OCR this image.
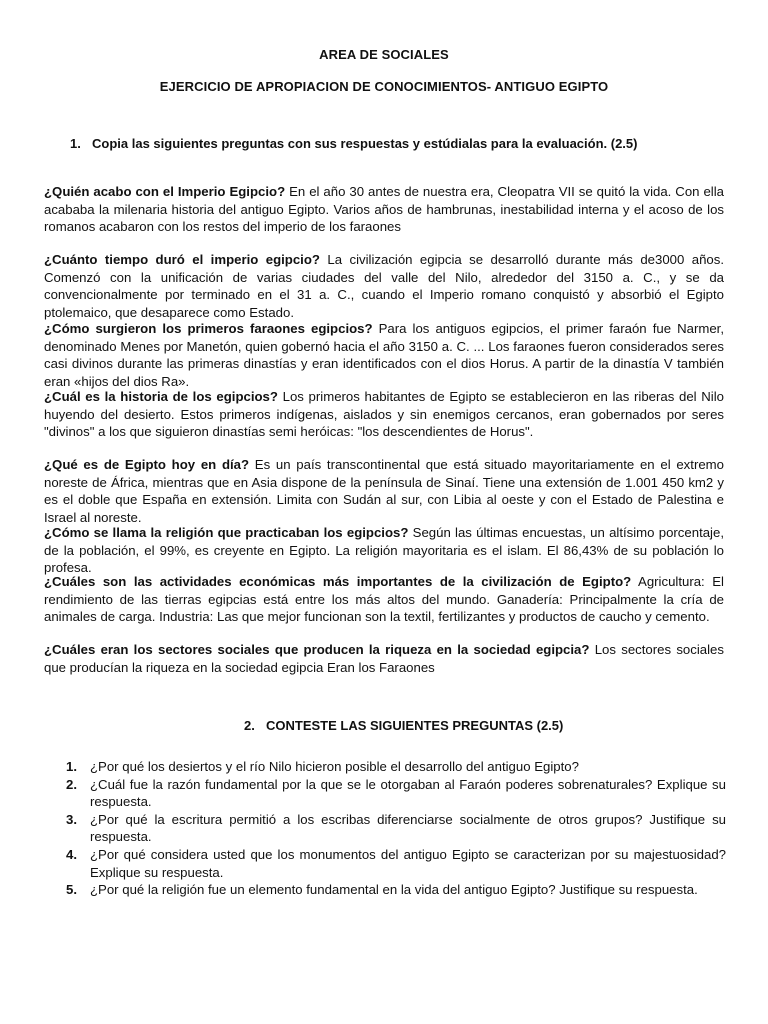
AREA DE SOCIALES
EJERCICIO DE APROPIACION DE CONOCIMIENTOS- ANTIGUO EGIPTO
1. Copia las siguientes preguntas con sus respuestas y estúdialas para la evaluación. (2.5)
¿Quién acabo con el Imperio Egipcio? En el año 30 antes de nuestra era, Cleopatra VII se quitó la vida. Con ella acababa la milenaria historia del antiguo Egipto. Varios años de hambrunas, inestabilidad interna y el acoso de los romanos acabaron con los restos del imperio de los faraones
¿Cuánto tiempo duró el imperio egipcio? La civilización egipcia se desarrolló durante más de3000 años. Comenzó con la unificación de varias ciudades del valle del Nilo, alrededor del 3150 a. C., y se da convencionalmente por terminado en el 31 a. C., cuando el Imperio romano conquistó y absorbió el Egipto ptolemaico, que desaparece como Estado.
¿Cómo surgieron los primeros faraones egipcios? Para los antiguos egipcios, el primer faraón fue Narmer, denominado Menes por Manetón, quien gobernó hacia el año 3150 a. C. ... Los faraones fueron considerados seres casi divinos durante las primeras dinastías y eran identificados con el dios Horus. A partir de la dinastía V también eran «hijos del dios Ra».
¿Cuál es la historia de los egipcios? Los primeros habitantes de Egipto se establecieron en las riberas del Nilo huyendo del desierto. Estos primeros indígenas, aislados y sin enemigos cercanos, eran gobernados por seres "divinos" a los que siguieron dinastías semi heróicas: "los descendientes de Horus".
¿Qué es de Egipto hoy en día? Es un país transcontinental que está situado mayoritariamente en el extremo noreste de África, mientras que en Asia dispone de la península de Sinaí. Tiene una extensión de 1.001 450 km2 y es el doble que España en extensión. Limita con Sudán al sur, con Libia al oeste y con el Estado de Palestina e Israel al noreste.
¿Cómo se llama la religión que practicaban los egipcios? Según las últimas encuestas, un altísimo porcentaje, de la población, el 99%, es creyente en Egipto. La religión mayoritaria es el islam. El 86,43% de su población lo profesa.
¿Cuáles son las actividades económicas más importantes de la civilización de Egipto? Agricultura: El rendimiento de las tierras egipcias está entre los más altos del mundo. Ganadería: Principalmente la cría de animales de carga. Industria: Las que mejor funcionan son la textil, fertilizantes y productos de caucho y cemento.
¿Cuáles eran los sectores sociales que producen la riqueza en la sociedad egipcia? Los sectores sociales que producían la riqueza en la sociedad egipcia Eran los Faraones
2. CONTESTE LAS SIGUIENTES PREGUNTAS (2.5)
1. ¿Por qué los desiertos y el río Nilo hicieron posible el desarrollo del antiguo Egipto?
2. ¿Cuál fue la razón fundamental por la que se le otorgaban al Faraón poderes sobrenaturales? Explique su respuesta.
3. ¿Por qué la escritura permitió a los escribas diferenciarse socialmente de otros grupos? Justifique su respuesta.
4. ¿Por qué considera usted que los monumentos del antiguo Egipto se caracterizan por su majestuosidad? Explique su respuesta.
5. ¿Por qué la religión fue un elemento fundamental en la vida del antiguo Egipto? Justifique su respuesta.
